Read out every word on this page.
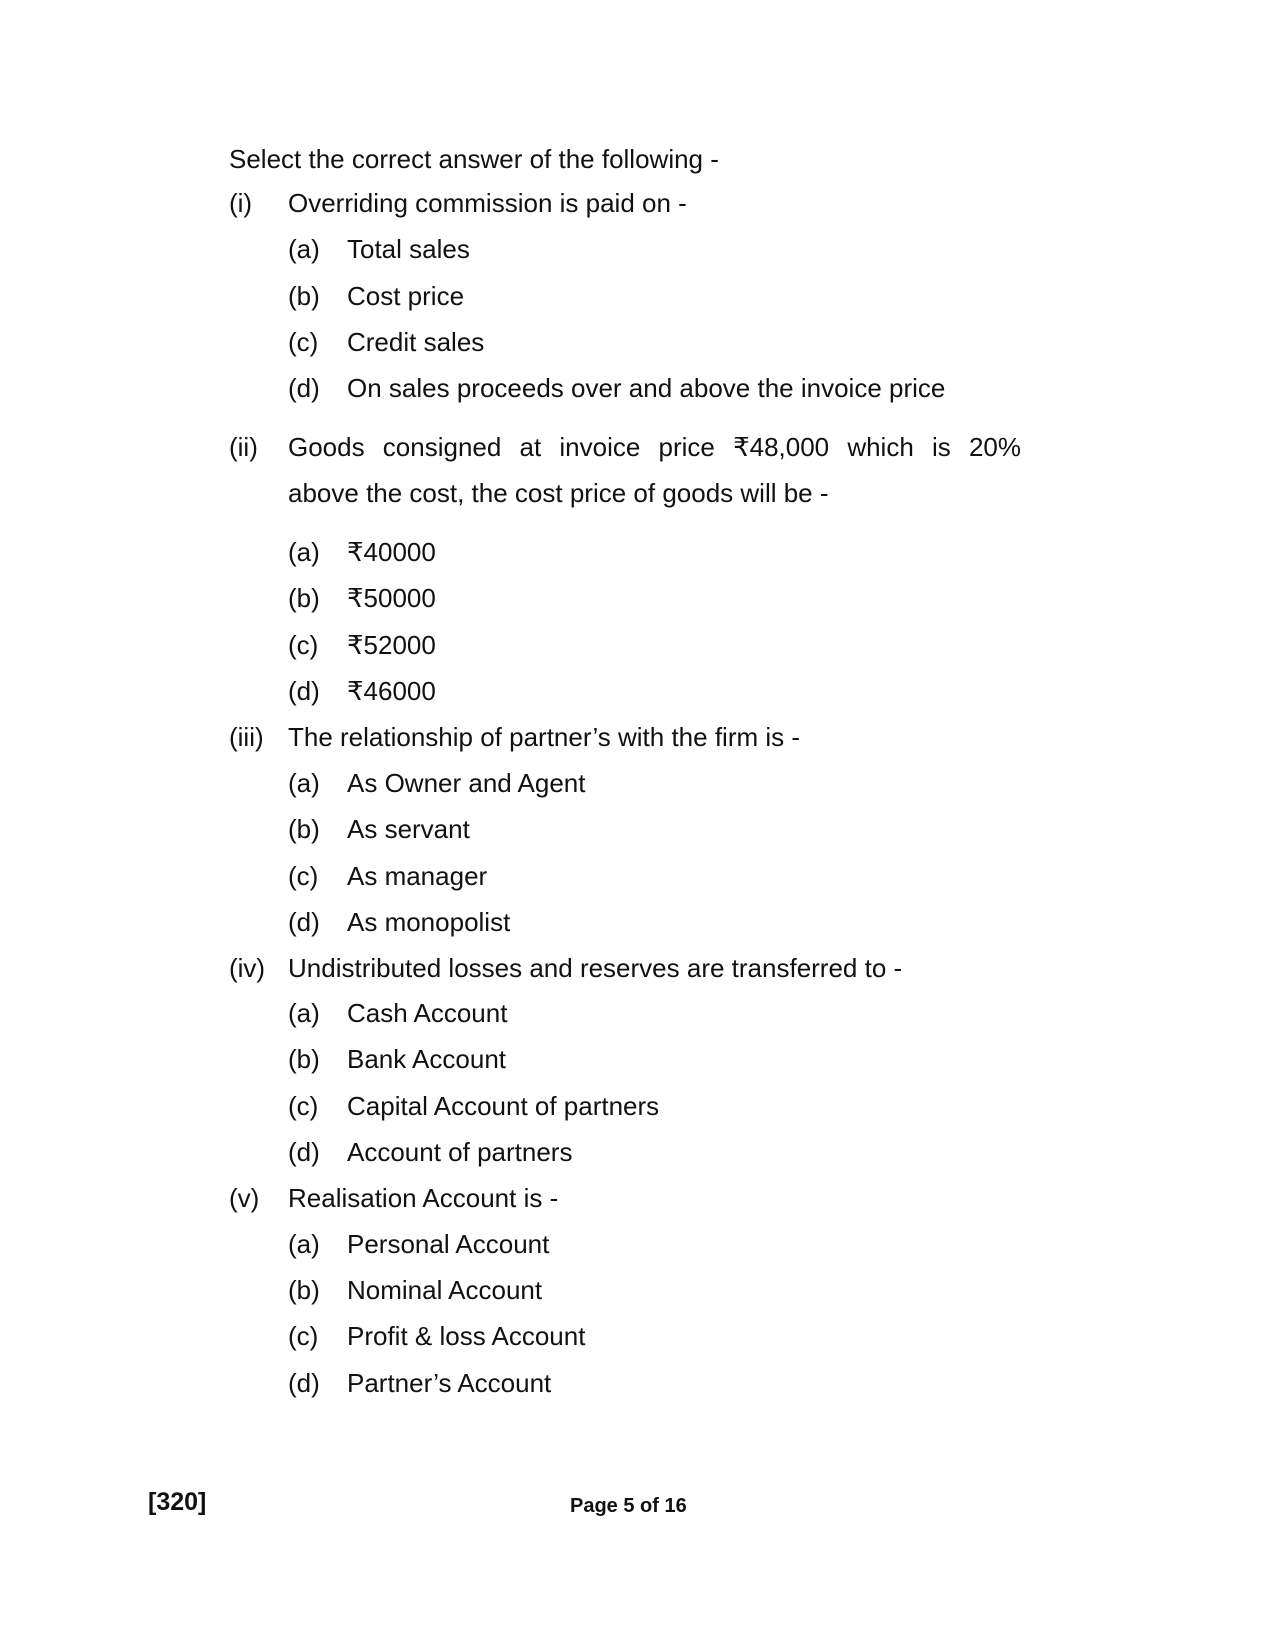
Select the correct answer of the following -
(i) Overriding commission is paid on -
(a) Total sales
(b) Cost price
(c) Credit sales
(d) On sales proceeds over and above the invoice price
(ii) Goods consigned at invoice price ₹48,000 which is 20%
above the cost, the cost price of goods will be -
(a) ₹40000
(b) ₹50000
(c) ₹52000
(d) ₹46000
(iii) The relationship of partner’s with the firm is -
(a) As Owner and Agent
(b) As servant
(c) As manager
(d) As monopolist
(iv) Undistributed losses and reserves are transferred to -
(a) Cash Account
(b) Bank Account
(c) Capital Account of partners
(d) Account of partners
(v) Realisation Account is -
(a) Personal Account
(b) Nominal Account
(c) Profit & loss Account
(d) Partner’s Account
[320]	Page 5 of 16
